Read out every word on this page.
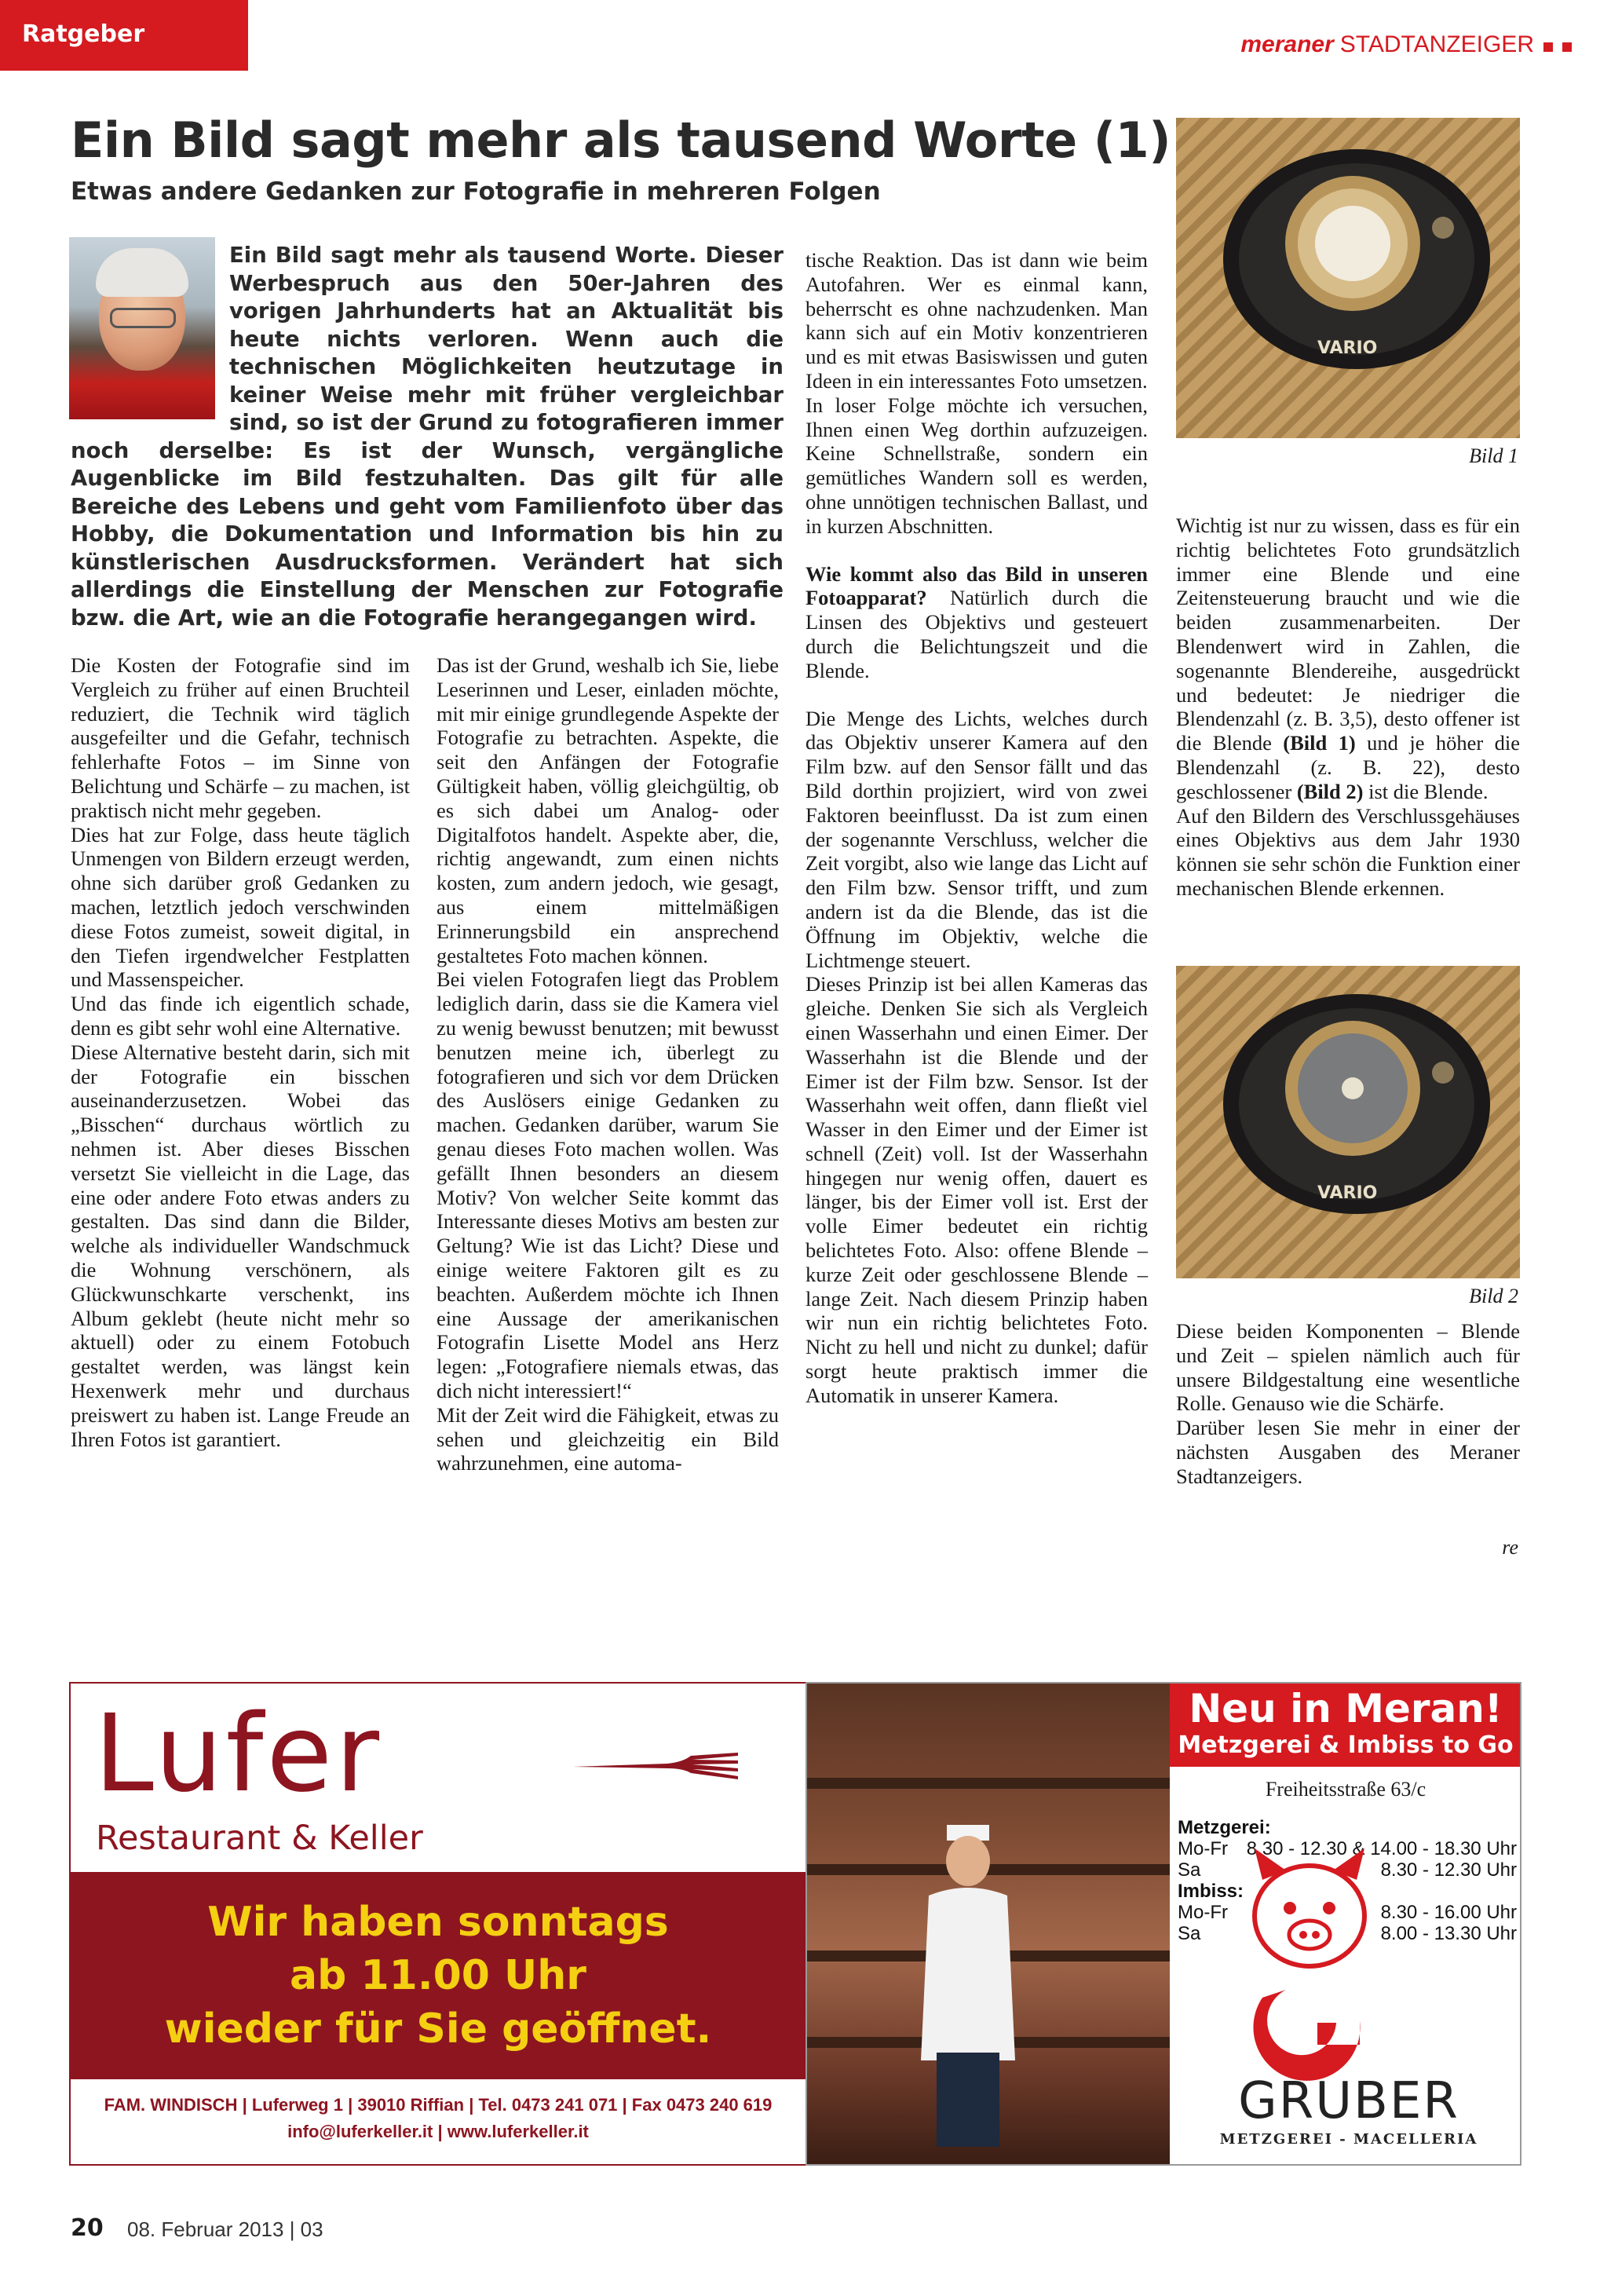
Ratgeber	meraner STADTANZEIGER
Ein Bild sagt mehr als tausend Worte (1)
Etwas andere Gedanken zur Fotografie in mehreren Folgen
Ein Bild sagt mehr als tausend Worte. Dieser Werbespruch aus den 50er-Jahren des vorigen Jahrhunderts hat an Aktualität bis heute nichts verloren. Wenn auch die technischen Möglichkeiten heutzutage in keiner Weise mehr mit früher vergleichbar sind, so ist der Grund zu fotografieren immer noch derselbe: Es ist der Wunsch, vergängliche Augenblicke im Bild festzuhalten. Das gilt für alle Bereiche des Lebens und geht vom Familienfoto über das Hobby, die Dokumentation und Information bis hin zu künstlerischen Ausdrucksformen. Verändert hat sich allerdings die Einstellung der Menschen zur Fotografie bzw. die Art, wie an die Fotografie herangegangen wird.

Die Kosten der Fotografie sind im Vergleich zu früher auf einen Bruchteil reduziert, die Technik wird täglich ausgefeilter und die Gefahr, technisch fehlerhafte Fotos – im Sinne von Belichtung und Schärfe – zu machen, ist praktisch nicht mehr gegeben.

Dies hat zur Folge, dass heute täglich Unmengen von Bildern erzeugt werden, ohne sich darüber groß Gedanken zu machen, letztlich jedoch verschwinden diese Fotos zumeist, soweit digital, in den Tiefen irgendwelcher Festplatten und Massenspeicher.

Und das finde ich eigentlich schade, denn es gibt sehr wohl eine Alternative.

Diese Alternative besteht darin, sich mit der Fotografie ein bisschen auseinanderzusetzen. Wobei das „Bisschen“ durchaus wörtlich zu nehmen ist. Aber dieses Bisschen versetzt Sie vielleicht in die Lage, das eine oder andere Foto etwas anders zu gestalten. Das sind dann die Bilder, welche als individueller Wandschmuck die Wohnung verschönern, als Glückwunschkarte verschenkt, ins Album geklebt (heute nicht mehr so aktuell) oder zu einem Fotobuch gestaltet werden, was längst kein Hexenwerk mehr und durchaus preiswert zu haben ist. Lange Freude an Ihren Fotos ist garantiert.

Das ist der Grund, weshalb ich Sie, liebe Leserinnen und Leser, einladen möchte, mit mir einige grundlegende Aspekte der Fotografie zu betrachten. Aspekte, die seit den Anfängen der Fotografie Gültigkeit haben, völlig gleichgültig, ob es sich dabei um Analog- oder Digitalfotos handelt. Aspekte aber, die, richtig angewandt, zum einen nichts kosten, zum andern jedoch, wie gesagt, aus einem mittelmäßigen Erinnerungsbild ein ansprechend gestaltetes Foto machen können.

Bei vielen Fotografen liegt das Problem lediglich darin, dass sie die Kamera viel zu wenig bewusst benutzen; mit bewusst benutzen meine ich, überlegt zu fotografieren und sich vor dem Drücken des Auslösers einige Gedanken zu machen. Gedanken darüber, warum Sie genau dieses Foto machen wollen. Was gefällt Ihnen besonders an diesem Motiv? Von welcher Seite kommt das Interessante dieses Motivs am besten zur Geltung? Wie ist das Licht? Diese und einige weitere Faktoren gilt es zu beachten. Außerdem möchte ich Ihnen eine Aussage der amerikanischen Fotografin Lisette Model ans Herz legen: „Fotografiere niemals etwas, das dich nicht interessiert!“

Mit der Zeit wird die Fähigkeit, etwas zu sehen und gleichzeitig ein Bild wahrzunehmen, eine automa-

tische Reaktion. Das ist dann wie beim Autofahren. Wer es einmal kann, beherrscht es ohne nachzudenken. Man kann sich auf ein Motiv konzentrieren und es mit etwas Basiswissen und guten Ideen in ein interessantes Foto umsetzen.

In loser Folge möchte ich versuchen, Ihnen einen Weg dorthin aufzuzeigen. Keine Schnellstraße, sondern ein gemütliches Wandern soll es werden, ohne unnötigen technischen Ballast, und in kurzen Abschnitten.

Wie kommt also das Bild in unseren Fotoapparat? Natürlich durch die Linsen des Objektivs und gesteuert durch die Belichtungszeit und die Blende.

Die Menge des Lichts, welches durch das Objektiv unserer Kamera auf den Film bzw. auf den Sensor fällt und das Bild dorthin projiziert, wird von zwei Faktoren beeinflusst. Da ist zum einen der sogenannte Verschluss, welcher die Zeit vorgibt, also wie lange das Licht auf den Film bzw. Sensor trifft, und zum andern ist da die Blende, das ist die Öffnung im Objektiv, welche die Lichtmenge steuert.

Dieses Prinzip ist bei allen Kameras das gleiche. Denken Sie sich als Vergleich einen Wasserhahn und einen Eimer. Der Wasserhahn ist die Blende und der Eimer ist der Film bzw. Sensor. Ist der Wasserhahn weit offen, dann fließt viel Wasser in den Eimer und der Eimer ist schnell (Zeit) voll. Ist der Wasserhahn hingegen nur wenig offen, dauert es länger, bis der Eimer voll ist. Erst der volle Eimer bedeutet ein richtig belichtetes Foto. Also: offene Blende – kurze Zeit oder geschlossene Blende – lange Zeit. Nach diesem Prinzip haben wir nun ein richtig belichtetes Foto. Nicht zu hell und nicht zu dunkel; dafür sorgt heute praktisch immer die Automatik in unserer Kamera.

VARIO
Bild 1

Wichtig ist nur zu wissen, dass es für ein richtig belichtetes Foto grundsätzlich immer eine Blende und eine Zeitensteuerung braucht und wie die beiden zusammenarbeiten. Der Blendenwert wird in Zahlen, die sogenannte Blendereihe, ausgedrückt und bedeutet: Je niedriger die Blendenzahl (z. B. 3,5), desto offener ist die Blende (Bild 1) und je höher die Blendenzahl (z. B. 22), desto geschlossener (Bild 2) ist die Blende.

Auf den Bildern des Verschlussgehäuses eines Objektivs aus dem Jahr 1930 können sie sehr schön die Funktion einer mechanischen Blende erkennen.

VARIO
Bild 2

Diese beiden Komponenten – Blende und Zeit – spielen nämlich auch für unsere Bildgestaltung eine wesentliche Rolle. Genauso wie die Schärfe.

Darüber lesen Sie mehr in einer der nächsten Ausgaben des Meraner Stadtanzeigers.

re
Lufer
Restaurant & Keller
Wir haben sonntags
ab 11.00 Uhr
wieder für Sie geöffnet.
FAM. WINDISCH | Luferweg 1 | 39010 Riffian | Tel. 0473 241 071 | Fax 0473 240 619
info@luferkeller.it | www.luferkeller.it
Neu in Meran!
Metzgerei & Imbiss to Go
Freiheitsstraße 63/c
Metzgerei:
Mo-Fr 8.30 - 12.30 & 14.00 - 18.30 Uhr
Sa	8.30 - 12.30 Uhr
Imbiss:
Mo-Fr	8.30 - 16.00 Uhr
Sa	8.00 - 13.30 Uhr
GRUBER
METZGEREI - MACELLERIA
20 08. Februar 2013 | 03
